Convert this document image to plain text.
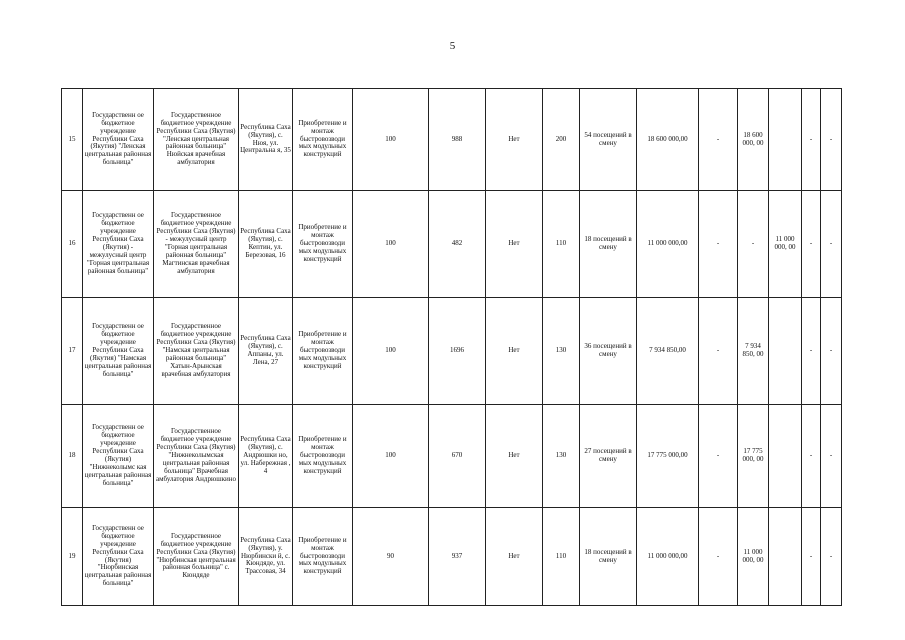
5
15	Государственн ое бюджетное учреждение Республики Саха (Якутия) "Ленская центральная районная больница"	Государственное бюджетное учреждение Республики Саха (Якутия) "Ленская центральная районная больница" Нюйская врачебная амбулатория	Республика Саха (Якутия), с. Нюя, ул. Центральна я, 35	Приобретение и монтаж быстровозводи мых модульных конструкций	100	988	Нет	200	54 посещений в смену	18 600 000,00	-	18 600 000, 00		-	-
16	Государственн ое бюджетное учреждение Республики Саха (Якутия) - межулусный центр "Горная центральная районная больница"	Государственное бюджетное учреждение Республики Саха (Якутия) - межулусный центр "Горная центральная районная больница" Магтинская врачебная амбулатория	Республика Саха (Якутия), с. Кептин, ул. Березовая, 16	Приобретение и монтаж быстровозводи мых модульных конструкций	100	482	Нет	110	18 посещений в смену	11 000 000,00	-	-	11 000 000, 00	-	-
17	Государственн ое бюджетное учреждение Республики Саха (Якутия) "Намская центральная районная больница"	Государственное бюджетное учреждение Республики Саха (Якутия) "Намская центральная районная больница" Хатын-Арынская врачебная амбулатория	Республика Саха (Якутия), с. Аппаны, ул. Лена, 27	Приобретение и монтаж быстровозводи мых модульных конструкций	100	1696	Нет	130	36 посещений в смену	7 934 850,00	-	7 934 850, 00		-	-
18	Государственн ое бюджетное учреждение Республики Саха (Якутия) "Нижнеколымс кая центральная районная больница"	Государственное бюджетное учреждение Республики Саха (Якутия) "Нижнеколымская центральная районная больница" Врачебная амбулатория Андрюшкино	Республика Саха (Якутия), с. Андрюшки но, ул. Набережная , 4	Приобретение и монтаж быстровозводи мых модульных конструкций	100	670	Нет	130	27 посещений в смену	17 775 000,00	-	17 775 000, 00		-	-
19	Государственн ое бюджетное учреждение Республики Саха (Якутия) "Нюрбинская центральная районная больница"	Государственное бюджетное учреждение Республики Саха (Якутия) "Нюрбинская центральная районная больница" с. Кюндяде	Республика Саха (Якутия), у. Нюрбински й, с. Кюндяде, ул. Трассовая, 34	Приобретение и монтаж быстровозводи мых модульных конструкций	90	937	Нет	110	18 посещений в смену	11 000 000,00	-	11 000 000, 00		-	-
